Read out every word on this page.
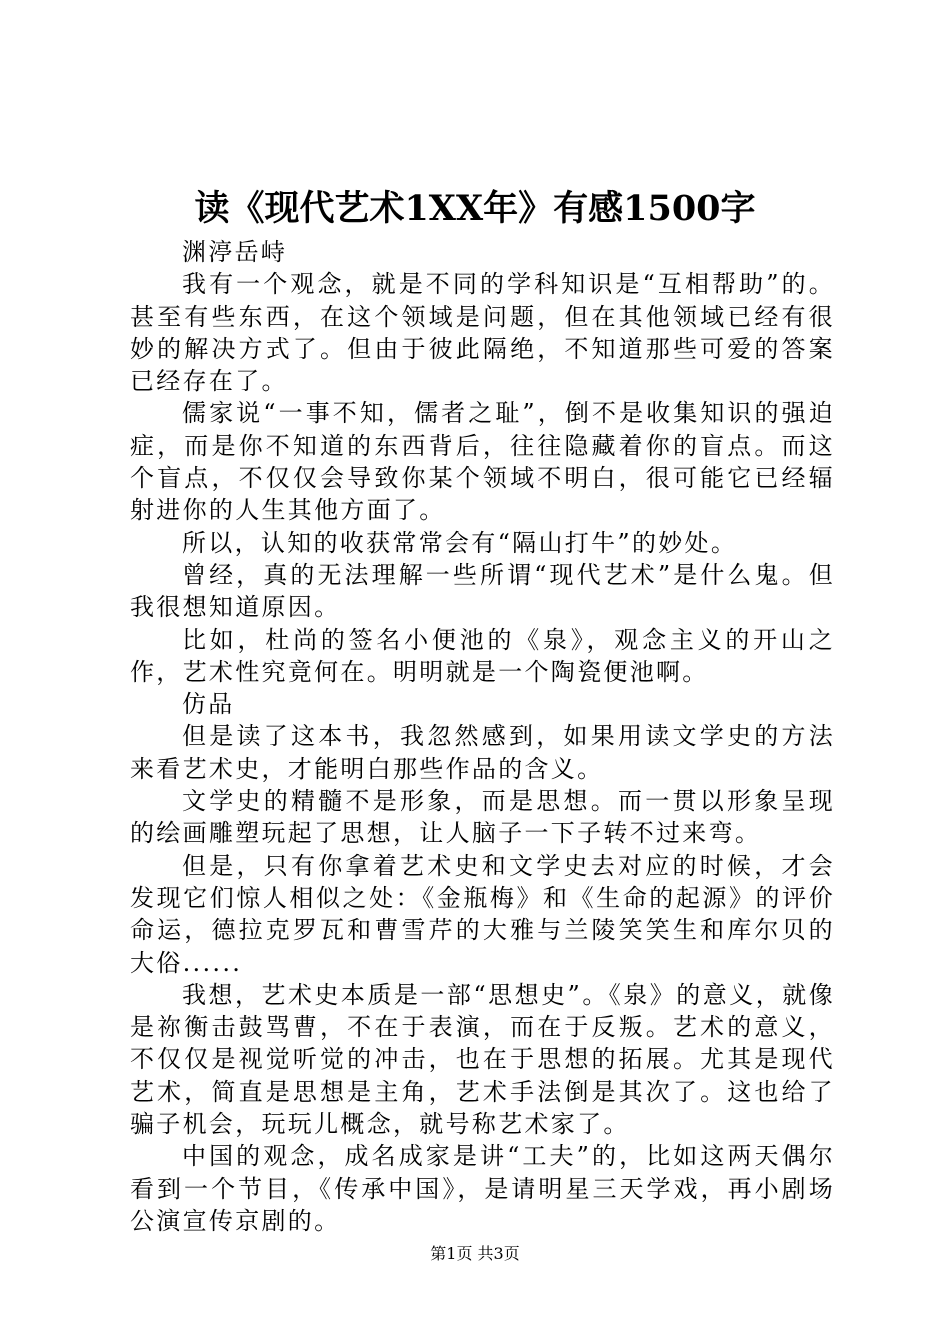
读《现代艺术1XX年》有感1500字

渊渟岳峙

我有一个观念，就是不同的学科知识是“互相帮助”的。甚至有些东西，在这个领域是问题，但在其他领域已经有很妙的解决方式了。但由于彼此隔绝，不知道那些可爱的答案已经存在了。

儒家说“一事不知，儒者之耻”，倒不是收集知识的强迫症，而是你不知道的东西背后，往往隐藏着你的盲点。而这个盲点，不仅仅会导致你某个领域不明白，很可能它已经辐射进你的人生其他方面了。

所以，认知的收获常常会有“隔山打牛”的妙处。

曾经，真的无法理解一些所谓“现代艺术”是什么鬼。但我很想知道原因。

比如，杜尚的签名小便池的《泉》，观念主义的开山之作，艺术性究竟何在。明明就是一个陶瓷便池啊。

仿品

但是读了这本书，我忽然感到，如果用读文学史的方法来看艺术史，才能明白那些作品的含义。

文学史的精髓不是形象，而是思想。而一贯以形象呈现的绘画雕塑玩起了思想，让人脑子一下子转不过来弯。

但是，只有你拿着艺术史和文学史去对应的时候，才会发现它们惊人相似之处：《金瓶梅》和《生命的起源》的评价命运，德拉克罗瓦和曹雪芹的大雅与兰陵笑笑生和库尔贝的大俗......

我想，艺术史本质是一部“思想史”。《泉》的意义，就像是祢衡击鼓骂曹，不在于表演，而在于反叛。艺术的意义，不仅仅是视觉听觉的冲击，也在于思想的拓展。尤其是现代艺术，简直是思想是主角，艺术手法倒是其次了。这也给了骗子机会，玩玩儿概念，就号称艺术家了。

中国的观念，成名成家是讲“工夫”的，比如这两天偶尔看到一个节目，《传承中国》，是请明星三天学戏，再小剧场公演宣传京剧的。

第1页 共3页
